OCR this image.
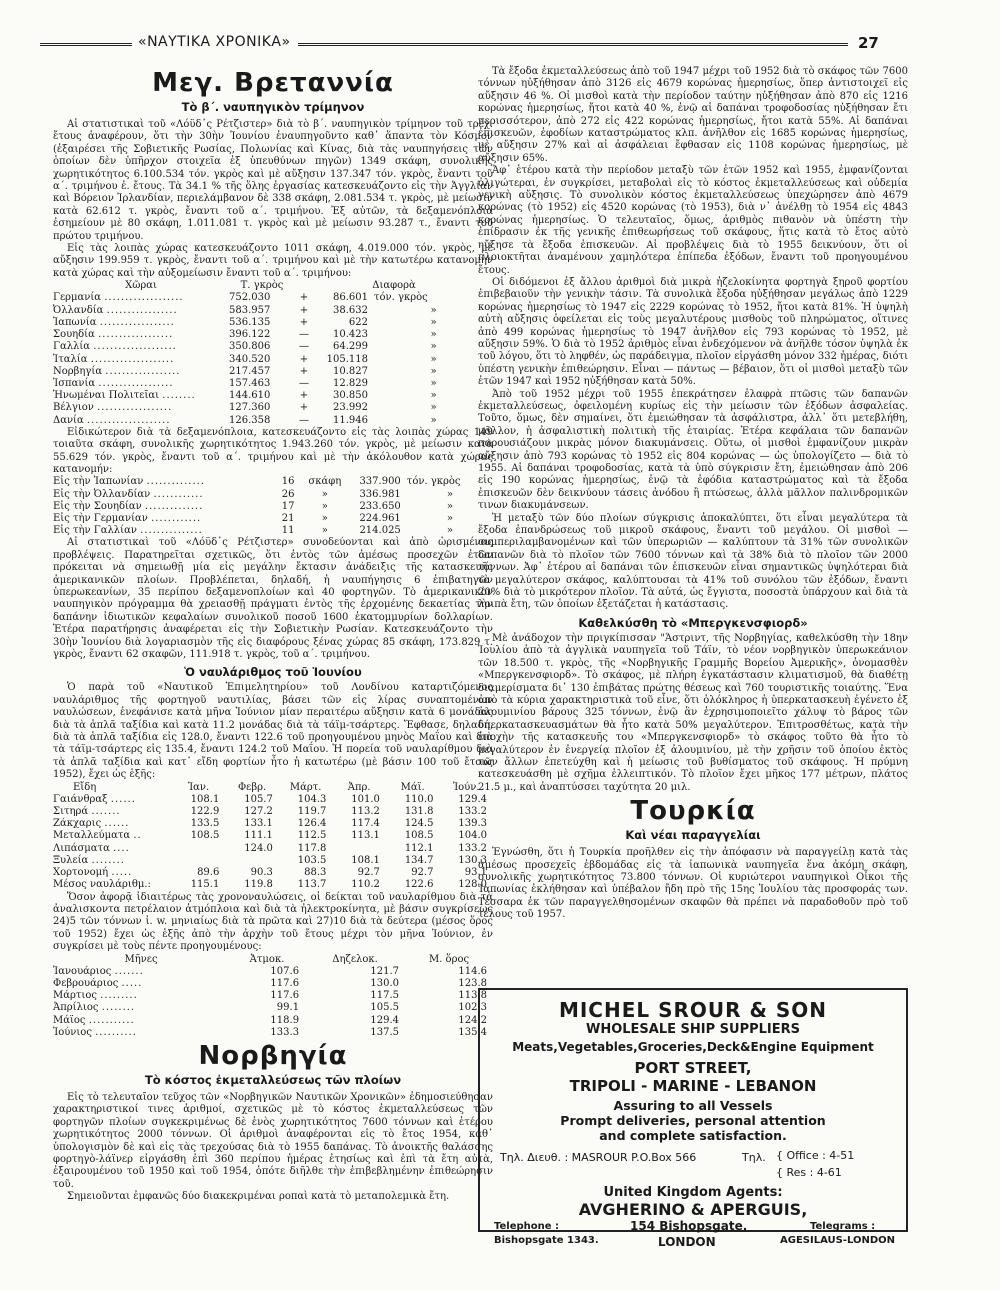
«ΝΑΥΤΙΚΑ ΧΡΟΝΙΚΑ»	27
Μεγ. Βρεταννία
Τὸ β΄. ναυπηγικὸν τρίμηνον

Αἱ στατιστικαὶ τοῦ «Λόϋδ᾽ς Ρέτζιστερ» διὰ τὸ β΄. ναυπηγικὸν τρίμηνον τοῦ τρέχ. ἔτους ἀναφέρουν, ὅτι τὴν 30ὴν Ἰουνίου ἐναυπηγοῦντο καθ᾽ ἅπαντα τὸν Κόσμον (ἐξαιρέσει τῆς Σοβιετικῆς Ρωσίας, Πολωνίας καὶ Κίνας, διὰ τὰς ναυπηγήσεις τῶν ὁποίων δὲν ὑπῆρχον στοιχεῖα ἐξ ὑπευθύνων πηγῶν) 1349 σκάφη, συνολικῆς χωρητικότητος 6.100.534 τόν. γκρὸς καὶ μὲ αὔξησιν 137.347 τόν. γκρὸς, ἔναντι τοῦ α΄. τριμήνου ἐ. ἔτους. Τὰ 34.1 % τῆς ὅλης ἐργασίας κατεσκευάζοντο εἰς τὴν Ἀγγλίαν καὶ Βόρειον Ἰρλανδίαν, περιελάμβανον δὲ 338 σκάφη, 2.081.534 τ. γκρὸς, μὲ μείωσιν κατὰ 62.612 τ. γκρὸς, ἔναντι τοῦ α΄. τριμήνου. Ἐξ αὐτῶν, τὰ δεξαμενόπλοια ἐσημείουν μὲ 80 σκάφη, 1.011.081 τ. γκρὸς καὶ μὲ μείωσιν 93.287 τ., ἔναντι τοῦ πρώτου τριμήνου.

Εἰς τὰς λοιπὰς χώρας κατεσκευάζοντο 1011 σκάφη, 4.019.000 τόν. γκρὸς, μὲ αὔξησιν 199.959 τ. γκρὸς, ἔναντι τοῦ α΄. τριμήνου καὶ μὲ τὴν κατωτέρω κατανομὴν κατὰ χώρας καὶ τὴν αὐξομείωσιν ἔναντι τοῦ α΄. τριμήνου:

Χῶραι	Τ. γκρὸς	Διαφορὰ		
Γερμανία ...................	752.030	+	86.601	τόν. γκρὸς
Ὀλλανδία .................	583.957	+	38.632	»
Ἰαπωνία ..................	536.135	+	622	»
Σουηδία ..................	396.122	—	10.423	»
Γαλλία ....................	350.806	—	64.299	»
Ἰταλία ....................	340.520	+	105.118	»
Νορβηγία ..................	217.457	+	10.827	»
Ἰσπανία ..................	157.463	—	12.829	»
Ἡνωμέναι Πολιτεῖαι ........	144.610	+	30.850	»
Βέλγιον ..................	127.360	+	23.992	»
Δανία ....................	126.358	—	11.946	»

Εἰδικώτερον διὰ τὰ δεξαμενόπλοια, κατεσκευάζοντο εἰς τὰς λοιπὰς χώρας 149 τοιαῦτα σκάφη, συνολικῆς χωρητικότητος 1.943.260 τόν. γκρὸς, μὲ μείωσιν κατὰ 55.629 τόν. γκρὸς, ἔναντι τοῦ α΄. τριμήνου καὶ μὲ τὴν ἀκόλουθον κατὰ χώρας κατανομήν:

Εἰς τὴν Ἰαπωνίαν ..............	16	σκάφη	337.900	τόν. γκρὸς
Εἰς τὴν Ὀλλανδίαν ............	26	»	336.981	»
Εἰς τὴν Σουηδίαν ..............	17	»	233.650	»
Εἰς τὴν Γερμανίαν ............	21	»	224.961	»
Εἰς τὴν Γαλλίαν ...............	11	»	214.025	»

Αἱ στατιστικαὶ τοῦ «Λόϋδ᾽ς Ρέτζιστερ» συνοδεύονται καὶ ἀπὸ ὡρισμένας προβλέψεις. Παρατηρεῖται σχετικῶς, ὅτι ἐντὸς τῶν ἀμέσως προσεχῶν ἐτῶν πρόκειται νὰ σημειωθῇ μία εἰς μεγάλην ἔκτασιν ἀνάδειξις τῆς κατασκευῆς ἀμερικανικῶν πλοίων. Προβλέπεται, δηλαδή, ἡ ναυπήγησις 6 ἐπιβατηγῶν ὑπερωκεανίων, 35 περίπου δεξαμενοπλοίων καὶ 40 φορτηγῶν. Τὸ ἀμερικανικὸν ναυπηγικὸν πρόγραμμα θὰ χρειασθῇ πράγματι ἐντὸς τῆς ἐρχομένης δεκαετίας τὴν δαπάνην ἰδιωτικῶν κεφαλαίων συνολικοῦ ποσοῦ 1600 ἑκατομμυρίων δολλαρίων. Ἑτέρα παρατήρησις ἀναφέρεται εἰς τὴν Σοβιετικὴν Ρωσίαν. Κατεσκευάζοντο τὴν 30ὴν Ἰουνίου διὰ λογαριασμὸν τῆς εἰς διαφόρους ξένας χώρας 85 σκάφη, 173.829 τ. γκρὸς, ἔναντι 62 σκαφῶν, 111.918 τ. γκρὸς, τοῦ α΄. τριμήνου.

Ὁ ναυλάριθμος τοῦ Ἰουνίου

Ὁ παρὰ τοῦ «Ναυτικοῦ Ἐπιμελητηρίου» τοῦ Λονδίνου καταρτιζόμενος ναυλάριθμος τῆς φορτηγοῦ ναυτιλίας, βάσει τῶν εἰς λίρας συναπτομένων ναυλώσεων, ἐνεφάνισε κατὰ μῆνα Ἰούνιον μίαν περαιτέρω αὔξησιν κατὰ 6 μονάδας διὰ τὰ ἁπλᾶ ταξίδια καὶ κατὰ 11.2 μονάδας διὰ τὰ τάϊμ-τσάρτερς. Ἔφθασε, δηλαδή, διὰ τὰ ἁπλᾶ ταξίδια εἰς 128.0, ἔναντι 122.6 τοῦ προηγουμένου μηνὸς Μαΐου καὶ διὰ τὰ τάϊμ-τσάρτερς εἰς 135.4, ἔναντι 124.2 τοῦ Μαΐου. Ἡ πορεία τοῦ ναυλαρίθμου διὰ τὰ ἁπλᾶ ταξίδια καὶ κατ᾽ εἴδη φορτίων ἦτο ἡ κατωτέρω (μὲ βάσιν 100 τοῦ ἔτους 1952), ἔχει ὡς ἑξῆς:

Εἴδη	Ἰαν.	Φεβρ.	Μάρτ.	Ἀπρ.	Μάϊ.	Ἰούν.
Γαιάνθραξ ......	108.1	105.7	104.3	101.0	110.0	129.4
Σιτηρά .......	122.9	127.2	119.7	113.2	131.8	133.2
Ζάκχαρις ......	133.5	133.1	126.4	117.4	124.5	139.3
Μεταλλεύματα ..	108.5	111.1	112.5	113.1	108.5	104.0
Λιπάσματα ....		124.0	117.8		112.1	133.2
Ξυλεία ........			103.5	108.1	134.7	130.3
Χορτονομή .....	89.6	90.3	88.3	92.7	92.7	93.1
Μέσος ναυλάριθμ.:	115.1	119.8	113.7	110.2	122.6	128.0

Ὅσον ἀφορᾷ ἰδιαιτέρως τὰς χρονοναυλώσεις, οἱ δείκται τοῦ ναυλαρίθμου διὰ τὰ ἀναλισκοντα πετρέλαιον ἀτμόπλοια καὶ διὰ τὰ ἠλεκτροκίνητα, μὲ βάσιν συγκρίσεως 24)5 τῶν τόννων ἰ. w. μηνιαίως διὰ τὰ πρῶτα καὶ 27)10 διὰ τὰ δεύτερα (μέσος ὅρος τοῦ 1952) ἔχει ὡς ἑξῆς ἀπὸ τὴν ἀρχὴν τοῦ ἔτους μέχρι τὸν μῆνα Ἰούνιον, ἐν συγκρίσει μὲ τοὺς πέντε προηγουμένους:

Μῆνες	Ἀτμοκ.	Δηζελοκ.	Μ. ὅρος
Ἰανουάριος .......	107.6	121.7	114.6
Φεβρουάριος .....	117.6	130.0	123.8
Μάρτιος .........	117.6	117.5	113.8
Ἀπρίλιος ........	99.1	105.5	102.3
Μάϊος ...........	118.9	129.4	124.2
Ἰούνιος ..........	133.3	137.5	135.4
Νορβηγία
Τὸ κόστος ἐκμεταλλεύσεως τῶν πλοίων

Εἰς τὸ τελευταῖον τεῦχος τῶν «Νορβηγικῶν Ναυτικῶν Χρονικῶν» ἐδημοσιεύθησαν χαρακτηριστικοί τινες ἀριθμοί, σχετικῶς μὲ τὸ κόστος ἐκμεταλλεύσεως τῶν φορτηγῶν πλοίων συγκεκριμένως δὲ ἑνὸς χωρητικότητος 7600 τόννων καὶ ἑτέρου χωρητικότητος 2000 τόννων. Οἱ ἀριθμοὶ ἀναφέρονται εἰς τὸ ἔτος 1954, καθ᾽ ὑπολογισμὸν δὲ καὶ εἰς τὰς τρεχούσας διὰ τὸ 1955 δαπάνας. Τὸ ἀνοικτῆς θαλάσσης φορτηγὸ-λάϊνερ εἰργάσθη ἐπὶ 360 περίπου ἡμέρας ἐτησίως καὶ ἐπὶ τὰ ἔτη αὐτὰ, ἐξαιρουμένου τοῦ 1950 καὶ τοῦ 1954, ὁπότε διῆλθε τὴν ἐπιβεβλημένην ἐπιθεώρησιν τοῦ.

Σημειοῦνται ἐμφανῶς δύο διακεκριμέναι ροπαὶ κατὰ τὸ μεταπολεμικὰ ἔτη.

Τὰ ἔξοδα ἐκμεταλλεύσεως ἀπὸ τοῦ 1947 μέχρι τοῦ 1952 διὰ τὸ σκάφος τῶν 7600 τόννων ηὐξήθησαν ἀπὸ 3126 εἰς 4679 κορώνας ἡμερησίως, ὅπερ ἀντιστοιχεῖ εἰς αὔξησιν 46 %. Οἱ μισθοὶ κατὰ τὴν περίοδον ταύτην ηὐξήθησαν ἀπὸ 870 εἰς 1216 κορώνας ἡμερησίως, ἤτοι κατὰ 40 %, ἐνῷ αἱ δαπάναι τροφοδοσίας ηὐξήθησαν ἔτι περισσότερον, ἀπὸ 272 εἰς 422 κορώνας ἡμερησίως, ἤτοι κατὰ 55%. Αἱ δαπάναι ἐπισκευῶν, ἐφοδίων καταστρώματος κλπ. ἀνῆλθον εἰς 1685 κορώνας ἡμερησίως, μὲ αὔξησιν 27% καὶ αἱ ἀσφάλειαι ἔφθασαν εἰς 1108 κορώνας ἡμερησίως, μὲ αὔξησιν 65%.

Ἀφ᾽ ἑτέρου κατὰ τὴν περίοδον μεταξὺ τῶν ἐτῶν 1952 καὶ 1955, ἐμφανίζονται ὀλιγώτεραι, ἐν συγκρίσει, μεταβολαὶ εἰς τὸ κόστος ἐκμεταλλεύσεως καὶ οὐδεμία γενικὴ αὔξησις. Τὸ συνολικὸν κόστος ἐκμεταλλεύσεως ὑπεχώρησεν ἀπὸ 4679 κορώνας (τὸ 1952) εἰς 4520 κορώνας (τὸ 1953), διὰ ν᾽ ἀνέλθῃ τὸ 1954 εἰς 4843 κορώνας ἡμερησίως. Ὁ τελευταῖος, ὅμως, ἀριθμὸς πιθανὸν νὰ ὑπέστη τὴν ἐπίδρασιν ἐκ τῆς γενικῆς ἐπιθεωρήσεως τοῦ σκάφους, ἥτις κατὰ τὸ ἔτος αὐτὸ ηὔξησε τὰ ἔξοδα ἐπισκευῶν. Αἱ προβλέψεις διὰ τὸ 1955 δεικνύουν, ὅτι οἱ πλοιοκτῆται ἀναμένουν χαμηλότερα ἐπίπεδα ἐξόδων, ἔναντι τοῦ προηγουμένου ἔτους.

Οἱ διδόμενοι ἐξ ἄλλου ἀριθμοὶ διὰ μικρὰ ἠζελοκίνητα φορτηγὰ ξηροῦ φορτίου ἐπιβεβαιοῦν τὴν γενικὴν τάσιν. Τὰ συνολικὰ ἔξοδα ηὐξήθησαν μεγάλως ἀπὸ 1229 κορώνας ἡμερησίως τὸ 1947 εἰς 2229 κορώνας τὸ 1952, ἤτοι κατὰ 81%. Ἡ ὑψηλὴ αὐτὴ αὔξησις ὀφείλεται εἰς τοὺς μεγαλυτέρους μισθοὺς τοῦ πληρώματος, οἵτινες ἀπὸ 499 κορώνας ἡμερησίως τὸ 1947 ἀνῆλθον εἰς 793 κορώνας τὸ 1952, μὲ αὔξησιν 59%. Ὁ διὰ τὸ 1952 ἀριθμὸς εἶναι ἐνδεχόμενον νὰ ἀνῆλθε τόσον ὑψηλὰ ἐκ τοῦ λόγου, ὅτι τὸ ληφθέν, ὡς παράδειγμα, πλοῖον εἰργάσθη μόνον 332 ἡμέρας, διότι ὑπέστη γενικὴν ἐπιθεώρησιν. Εἶναι — πάντως — βέβαιον, ὅτι οἱ μισθοὶ μεταξὺ τῶν ἐτῶν 1947 καὶ 1952 ηὐξήθησαν κατὰ 50%.

Ἀπὸ τοῦ 1952 μέχρι τοῦ 1955 ἐπεκράτησεν ἐλαφρὰ πτῶσις τῶν δαπανῶν ἐκμεταλλεύσεως, ὀφειλομένη κυρίως εἰς τὴν μείωσιν τῶν ἐξόδων ἀσφαλείας. Τοῦτο, ὅμως, δὲν σημαίνει, ὅτι ἐμειώθησαν τὰ ἀσφάλιστρα, ἀλλ᾽ ὅτι μετεβλήθη, μᾶλλον, ἡ ἀσφαλιστικὴ πολιτικὴ τῆς ἑταιρίας. Ἑτέρα κεφάλαια τῶν δαπανῶν παρουσιάζουν μικρὰς μόνον διακυμάνσεις. Οὕτω, οἱ μισθοὶ ἐμφανίζουν μικρὰν αὔξησιν ἀπὸ 793 κορώνας τὸ 1952 εἰς 804 κορώνας — ὡς ὑπολογίζετο — διὰ τὸ 1955. Αἱ δαπάναι τροφοδοσίας, κατὰ τὰ ὑπὸ σύγκρισιν ἔτη, ἐμειώθησαν ἀπὸ 206 εἰς 190 κορώνας ἡμερησίως, ἐνῷ τὰ ἐφόδια καταστρώματος καὶ τὰ ἔξοδα ἐπισκευῶν δὲν δεικνύουν τάσεις ἀνόδου ἢ πτώσεως, ἀλλὰ μᾶλλον παλινδρομικῶν τινων διακυμάνσεων.

Ἡ μεταξὺ τῶν δύο πλοίων σύγκρισις ἀποκαλύπτει, ὅτι εἶναι μεγαλύτερα τὰ ἔξοδα ἐπανδρώσεως τοῦ μικροῦ σκάφους, ἔναντι τοῦ μεγάλου. Οἱ μισθοὶ — συμπεριλαμβανομένων καὶ τῶν ὑπερωριῶν — καλύπτουν τὰ 31% τῶν συνολικῶν δαπανῶν διὰ τὸ πλοῖον τῶν 7600 τόννων καὶ τὰ 38% διὰ τὸ πλοῖον τῶν 2000 τόννων. Ἀφ᾽ ἑτέρου αἱ δαπάναι τῶν ἐπισκευῶν εἶναι σημαντικῶς ὑψηλότεραι διὰ τὸ μεγαλύτερον σκάφος, καλύπτουσαι τὰ 41% τοῦ συνόλου τῶν ἐξόδων, ἔναντι 20% διὰ τὸ μικρότερον πλοῖον. Τὰ αὐτά, ὡς ἔγγιστα, ποσοστὰ ὑπάρχουν καὶ διὰ τὰ λοιπὰ ἔτη, τῶν ὁποίων ἐξετάζεται ἡ κατάστασις.

Καθελκύσθη τὸ «Μπεργκενσφιορδ»

Μὲ ἀνάδοχον τὴν πριγκίπισσαν "Άστριντ, τῆς Νορβηγίας, καθελκύσθη τὴν 18ην Ἰουλίου ἀπὸ τὰ ἀγγλικὰ ναυπηγεῖα τοῦ Τάϊν, τὸ νέον νορβηγικὸν ὑπερωκεάνιον τῶν 18.500 τ. γκρὸς, τῆς «Νορβηγικῆς Γραμμῆς Βορείου Ἀμερικῆς», ὀνομασθὲν «Μπεργκενσφιορδ». Τὸ σκάφος, μὲ πλήρη ἐγκατάστασιν κλιματισμοῦ, θὰ διαθέτῃ διαμερίσματα δι᾽ 130 ἐπιβάτας πρώτης θέσεως καὶ 760 τουριστικῆς τοιαύτης. Ἕνα ἀπὸ τὰ κύρια χαρακτηριστικὰ τοῦ εἶνε, ὅτι ὁλόκληρος ἡ ὑπερκατασκευὴ ἐγένετο ἐξ ἀλουμινίου βάρους 325 τόννων, ἐνῷ ἂν ἐχρησιμοποιεῖτο χάλυψ τὸ βάρος τῶν ὑπερκατασκευασμάτων θὰ ἦτο κατὰ 50% μεγαλύτερον. Ἐπιτροσθέτως, κατὰ τὴν ἐποχὴν τῆς κατασκευῆς του «Μπεργκενσφιορδ» τὸ σκάφος τοῦτο θὰ ἦτο τὸ μεγαλύτερον ἐν ἐνεργείᾳ πλοῖον ἐξ ἀλουμινίου, μὲ τὴν χρῆσιν τοῦ ὁποίου ἐκτὸς τῶν ἄλλων ἐπετεύχθη καὶ ἡ μείωσις τοῦ βυθίσματος τοῦ σκάφους. Ἡ πρύμνη κατεσκευάσθη μὲ σχῆμα ἐλλειπτικόν. Τὸ πλοῖον ἔχει μῆκος 177 μέτρων, πλάτος 21.5 μ., καὶ ἀναπτύσσει ταχύτητα 20 μιλ.

Τουρκία
Καὶ νέαι παραγγελίαι

Ἐγνώσθη, ὅτι ἡ Τουρκία προῆλθεν εἰς τὴν ἀπόφασιν νὰ παραγγείλῃ κατὰ τὰς ἀμέσως προσεχεῖς ἑβδομάδας εἰς τὰ ἰαπωνικὰ ναυπηγεῖα ἕνα ἀκόμη σκάφη, συνολικῆς χωρητικότητος 73.800 τόννων. Οἱ κυριώτεροι ναυπηγικοὶ Οἶκοι τῆς Ἰαπωνίας ἐκλήθησαν καὶ ὑπέβαλον ἤδη πρὸ τῆς 15ης Ἰουλίου τὰς προσφοράς των. Τέσσαρα ἐκ τῶν παραγγελθησομένων σκαφῶν θὰ πρέπει νὰ παραδοθοῦν πρὸ τοῦ τέλους τοῦ 1957.

MICHEL SROUR & SON
WHOLESALE SHIP SUPPLIERS
Meats,Vegetables,Groceries,Deck&Engine Equipment
PORT STREET,
TRIPOLI - MARINE - LEBANON
Assuring to all Vessels
Prompt deliveries, personal attention
and complete satisfaction.
Τηλ. Διευθ. : MASROUR P.O.Box 566	Τηλ. { Office : 4-51
{ Res : 4-61
United Kingdom Agents:
AVGHERINO & APERGUIS,
Telephone :
Bishopsgate 1343.
154 Bishopsgate,
LONDON
Telegrams :
AGESILAUS-LONDON
